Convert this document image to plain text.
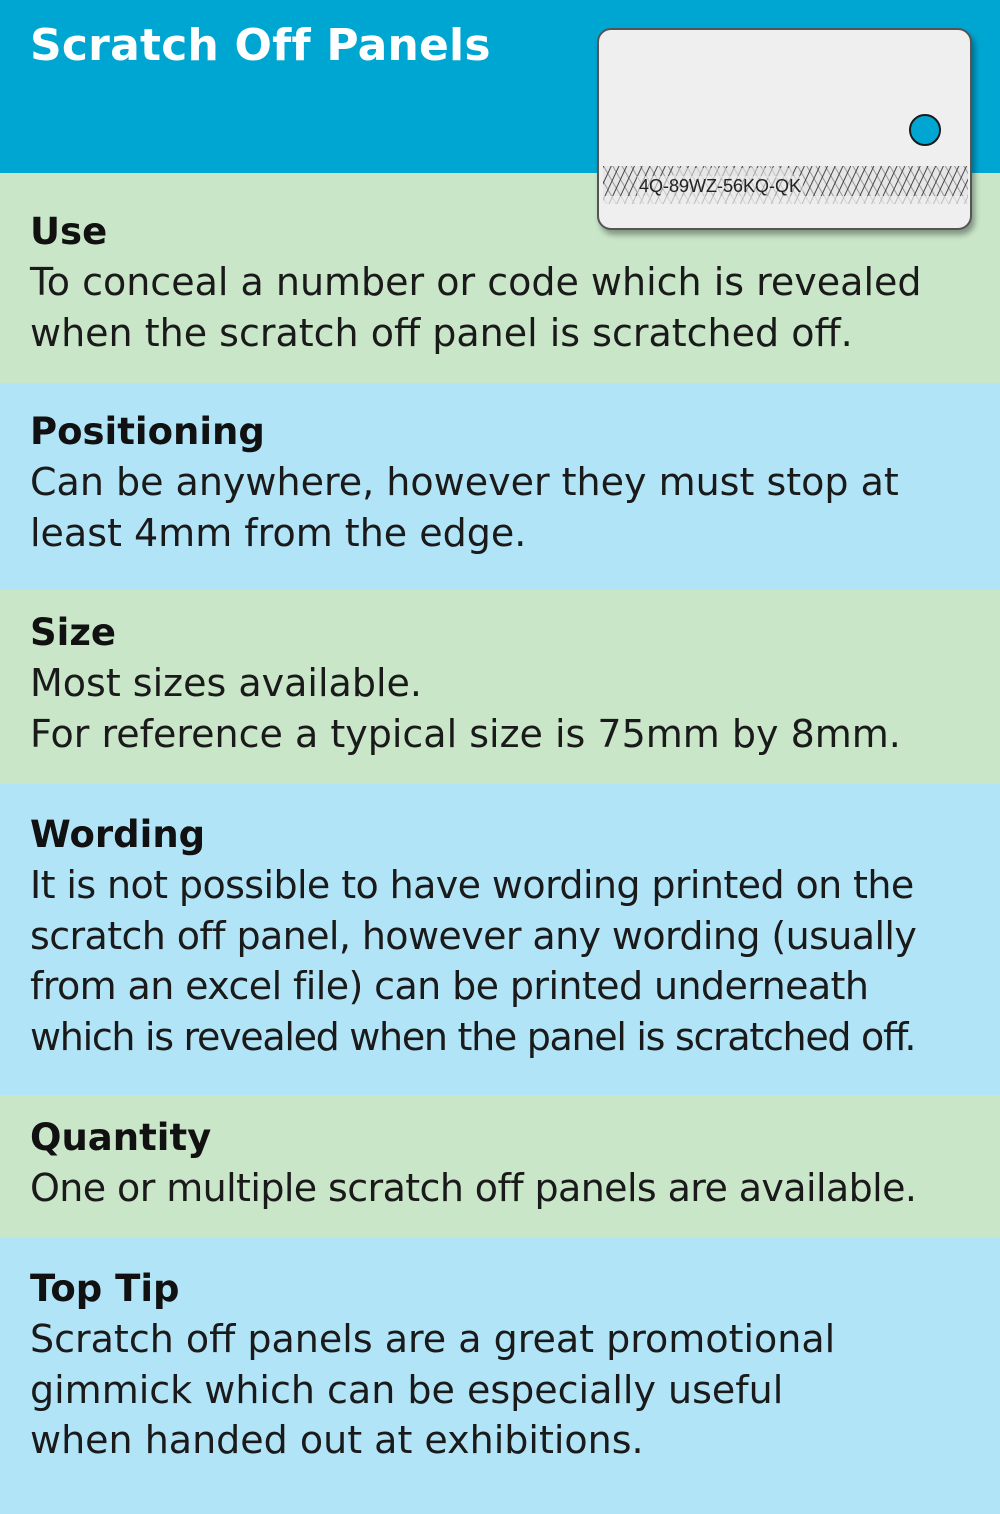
Scratch Off Panels
Use

To conceal a number or code which is revealed

when the scratch off panel is scratched off.

Positioning

Can be anywhere, however they must stop at

least 4mm from the edge.

Size

Most sizes available.

For reference a typical size is 75mm by 8mm.

Wording

It is not possible to have wording printed on the

scratch off panel, however any wording (usually

from an excel file) can be printed underneath

which is revealed when the panel is scratched off.

Quantity

One or multiple scratch off panels are available.

Top Tip

Scratch off panels are a great promotional

gimmick which can be especially useful

when handed out at exhibitions.

4Q-89WZ-56KQ-QK
